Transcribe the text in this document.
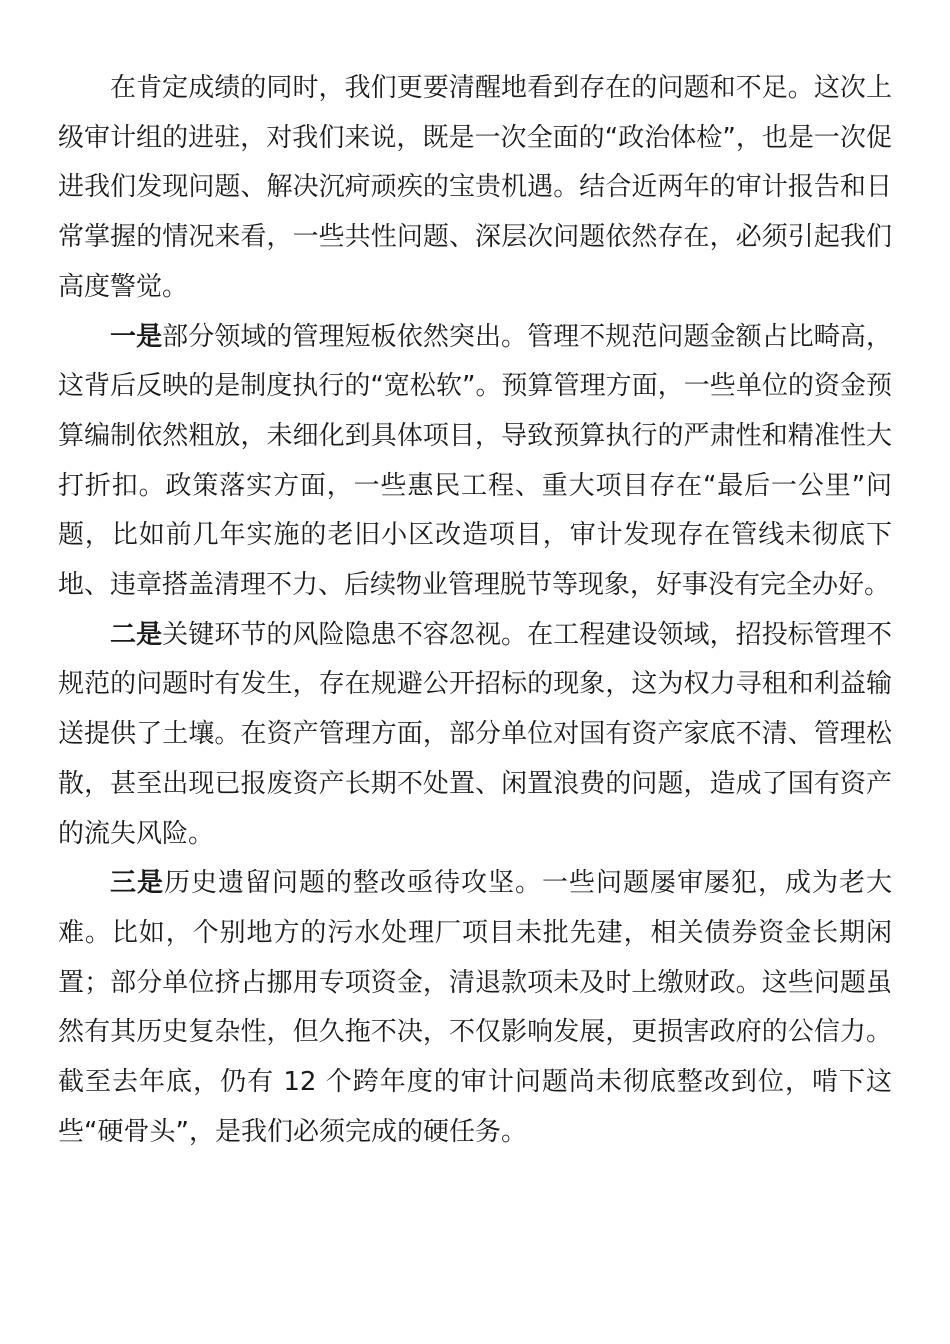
在肯定成绩的同时，我们更要清醒地看到存在的问题和不足。这次上级审计组的进驻，对我们来说，既是一次全面的“政治体检”，也是一次促进我们发现问题、解决沉疴顽疾的宝贵机遇。结合近两年的审计报告和日常掌握的情况来看，一些共性问题、深层次问题依然存在，必须引起我们高度警觉。

一是部分领域的管理短板依然突出。管理不规范问题金额占比畸高，这背后反映的是制度执行的“宽松软”。预算管理方面，一些单位的资金预算编制依然粗放，未细化到具体项目，导致预算执行的严肃性和精准性大打折扣。政策落实方面，一些惠民工程、重大项目存在“最后一公里”问题，比如前几年实施的老旧小区改造项目，审计发现存在管线未彻底下地、违章搭盖清理不力、后续物业管理脱节等现象，好事没有完全办好。

二是关键环节的风险隐患不容忽视。在工程建设领域，招投标管理不规范的问题时有发生，存在规避公开招标的现象，这为权力寻租和利益输送提供了土壤。在资产管理方面，部分单位对国有资产家底不清、管理松散，甚至出现已报废资产长期不处置、闲置浪费的问题，造成了国有资产的流失风险。

三是历史遗留问题的整改亟待攻坚。一些问题屡审屡犯，成为老大难。比如，个别地方的污水处理厂项目未批先建，相关债券资金长期闲置；部分单位挤占挪用专项资金，清退款项未及时上缴财政。这些问题虽然有其历史复杂性，但久拖不决，不仅影响发展，更损害政府的公信力。截至去年底，仍有 12 个跨年度的审计问题尚未彻底整改到位，啃下这些“硬骨头”，是我们必须完成的硬任务。
